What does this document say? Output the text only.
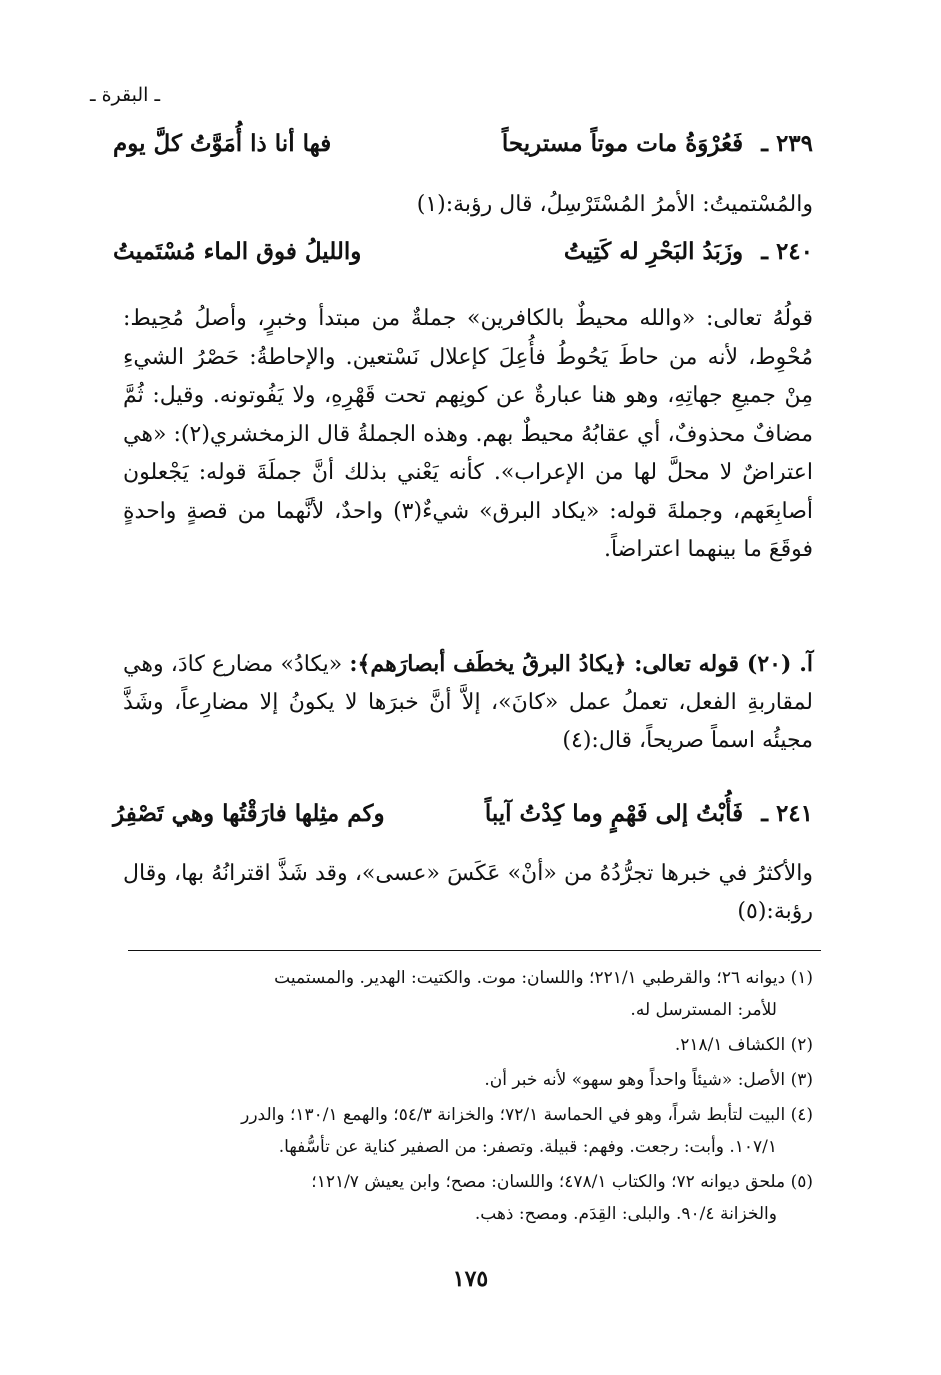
ـ البقرة ـ
٢٣٩ ـ فَعُرْوَةُ مات موتاً مستريحاً
فها أنا ذا أُمَوَّتُ كلَّ يوم
والمُسْتميتُ: الأمرُ المُسْتَرْسِلُ، قال رؤبة:(١)
٢٤٠ ـ وزَبَدُ البَحْرِ له كَتِيتُ
والليلُ فوق الماء مُسْتَميتُ

قولُهُ تعالى: «والله محيطٌ بالكافرين» جملةٌ من مبتدأ وخبرٍ، وأصلُ مُحِيط: مُحْوِط، لأنه من حاطَ يَحُوطُ فأُعِلَ كإعلال نَسْتعين. والإحاطةُ: حَصْرُ الشيءِ مِنْ جميعِ جهاتِهِ، وهو هنا عبارةٌ عن كونِهم تحت قَهْرِهِ، ولا يَفُوتونه. وقيل: ثُمَّ مضافٌ محذوفٌ، أي عقابُهُ محيطٌ بهم. وهذه الجملةُ قال الزمخشري(٢): «هي اعتراضٌ لا محلَّ لها من الإعراب». كأنه يَعْني بذلك أنَّ جملَةَ قوله: يَجْعلون أصابِعَهم، وجملةَ قوله: «يكاد البرق» شيءٌ(٣) واحدٌ، لأنَّهما من قصةٍ واحدةٍ فوقَعَ ما بينهما اعتراضاً.

آ. (٢٠) قوله تعالى: ﴿يكادُ البرقُ يخطَف أبصارَهم﴾: «يكادُ» مضارع كادَ، وهي لمقاربةِ الفعل، تعملُ عمل «كانَ»، إلاَّ أنَّ خبرَها لا يكونُ إلا مضارِعاً، وشَذَّ مجيئُه اسماً صريحاً، قال:(٤)

٢٤١ ـ فَأُبْتُ إلى فَهْمٍ وما كِدْتُ آيباً
وكم مثِلها فارَقْتُها وهي تَصْفِرُ

والأكثرُ في خبرها تجرُّدُهُ من «أنْ» عَكَسَ «عسى»، وقد شَذَّ اقترانُهُ بها، وقال رؤبة:(٥)

(١) ديوانه ٢٦؛ والقرطبي ٢٢١/١؛ واللسان: موت. والكتيت: الهدير. والمستميت
للأمر: المسترسل له.
(٢) الكشاف ٢١٨/١.
(٣) الأصل: «شيئاً واحداً وهو سهو» لأنه خبر أن.
(٤) البيت لتأبط شراً، وهو في الحماسة ٧٢/١؛ والخزانة ٥٤/٣؛ والهمع ١٣٠/١؛ والدرر
١٠٧/١. وأبت: رجعت. وفهم: قبيلة. وتصفر: من الصفير كناية عن تأسُّفها.
(٥) ملحق ديوانه ٧٢؛ والكتاب ٤٧٨/١؛ واللسان: مصح؛ وابن يعيش ١٢١/٧؛
والخزانة ٩٠/٤. والبلى: القِدَم. ومصح: ذهب.
١٧٥
